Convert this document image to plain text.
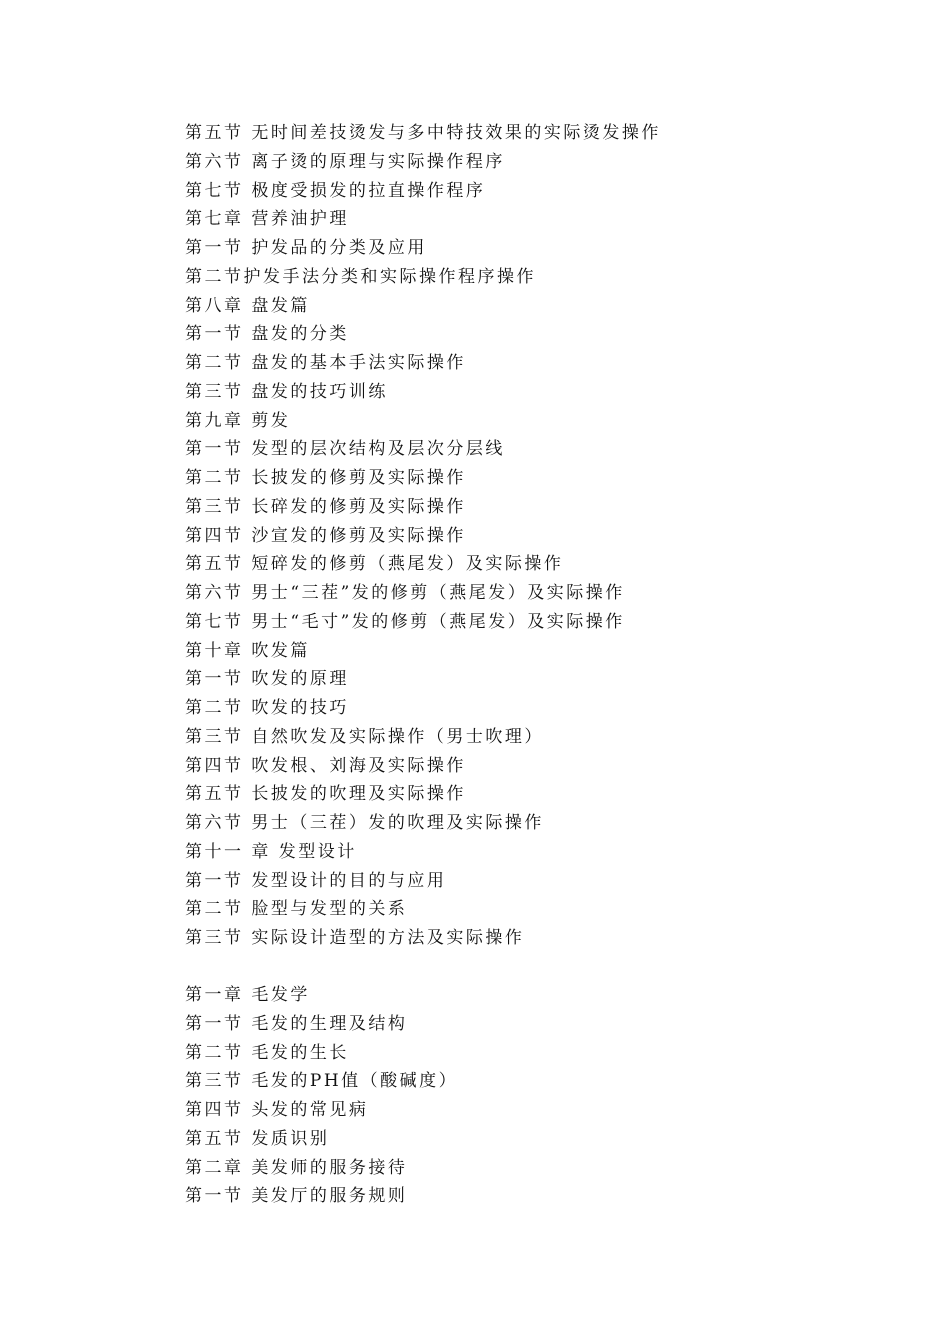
第五节 无时间差技烫发与多中特技效果的实际烫发操作
第六节 离子烫的原理与实际操作程序
第七节 极度受损发的拉直操作程序
第七章 营养油护理
第一节 护发品的分类及应用
第二节护发手法分类和实际操作程序操作
第八章 盘发篇
第一节 盘发的分类
第二节 盘发的基本手法实际操作
第三节 盘发的技巧训练
第九章 剪发
第一节 发型的层次结构及层次分层线
第二节 长披发的修剪及实际操作
第三节 长碎发的修剪及实际操作
第四节 沙宣发的修剪及实际操作
第五节 短碎发的修剪（燕尾发）及实际操作
第六节 男士“三茬”发的修剪（燕尾发）及实际操作
第七节 男士“毛寸”发的修剪（燕尾发）及实际操作
第十章 吹发篇
第一节 吹发的原理
第二节 吹发的技巧
第三节 自然吹发及实际操作（男士吹理）
第四节 吹发根、刘海及实际操作
第五节 长披发的吹理及实际操作
第六节 男士（三茬）发的吹理及实际操作
第十一 章 发型设计
第一节 发型设计的目的与应用
第二节 脸型与发型的关系
第三节 实际设计造型的方法及实际操作
第一章 毛发学
第一节 毛发的生理及结构
第二节 毛发的生长
第三节 毛发的PH值（酸碱度）
第四节 头发的常见病
第五节 发质识别
第二章 美发师的服务接待
第一节 美发厅的服务规则
